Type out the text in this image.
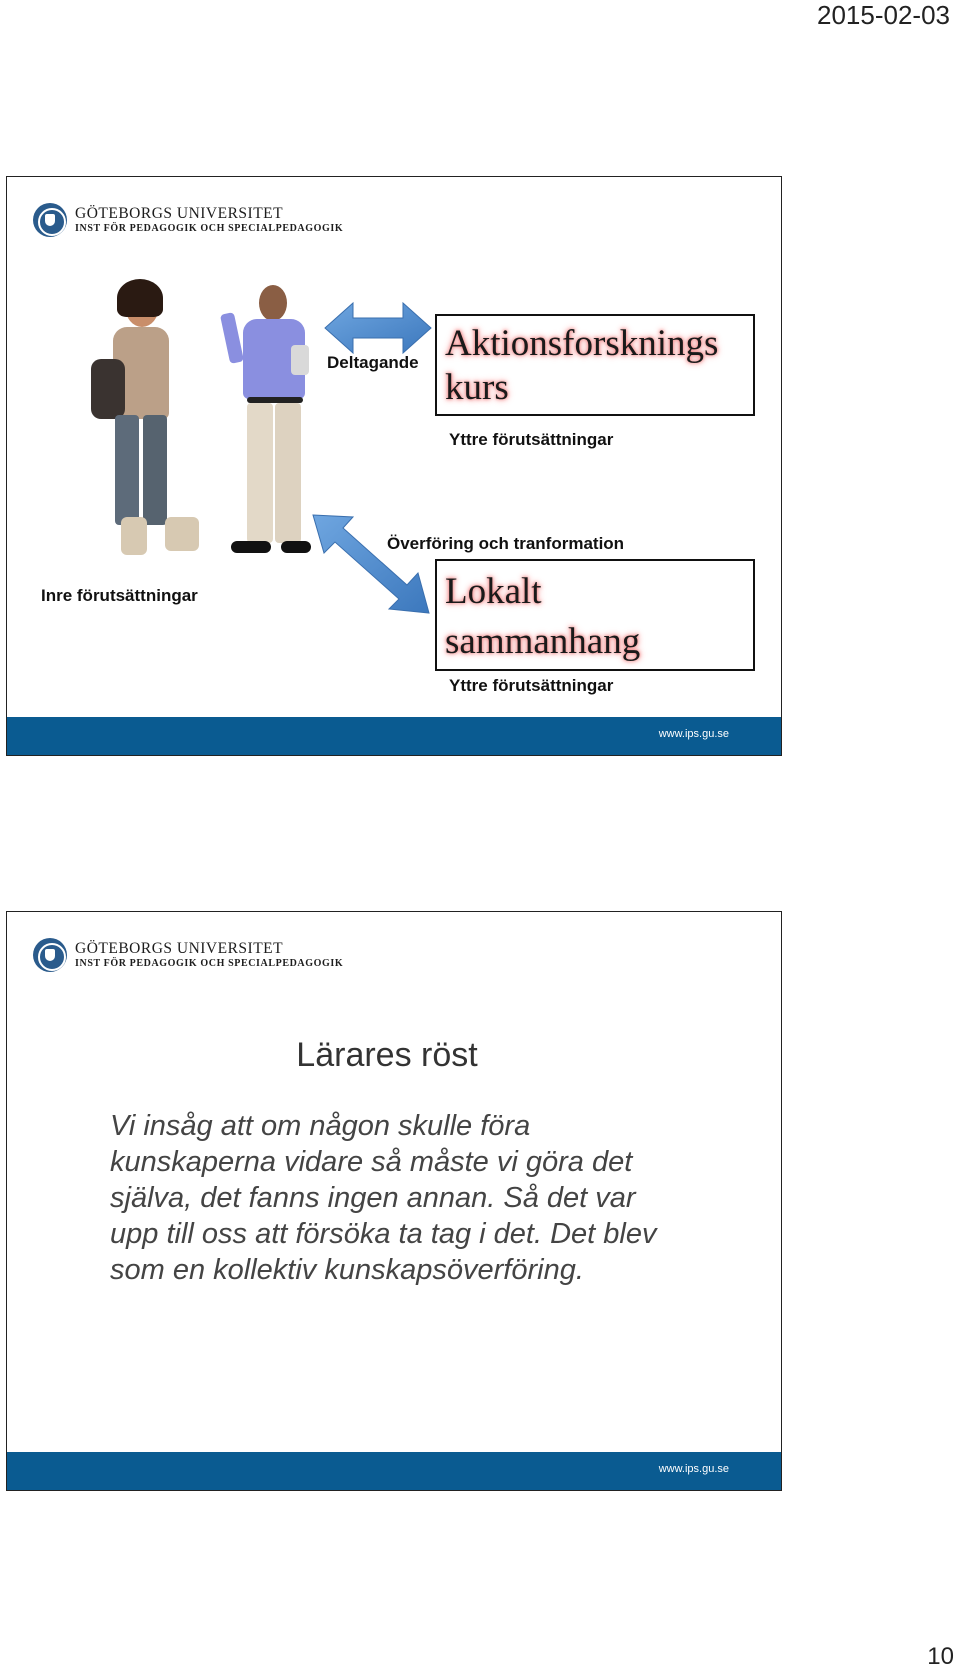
2015-02-03
GÖTEBORGS UNIVERSITET
INST FÖR PEDAGOGIK OCH SPECIALPEDAGOGIK
Deltagande Aktionsforsknings
kurs
Yttre förutsättningar
Överföring och tranformation
Inre förutsättningar	Lokalt
sammanhang
Yttre förutsättningar
www.ips.gu.se
GÖTEBORGS UNIVERSITET
INST FÖR PEDAGOGIK OCH SPECIALPEDAGOGIK
Lärares röst
Vi insåg att om någon skulle föra
kunskaperna vidare så måste vi göra det
själva, det fanns ingen annan. Så det var
upp till oss att försöka ta tag i det. Det blev
som en kollektiv kunskapsöverföring.
www.ips.gu.se
10
